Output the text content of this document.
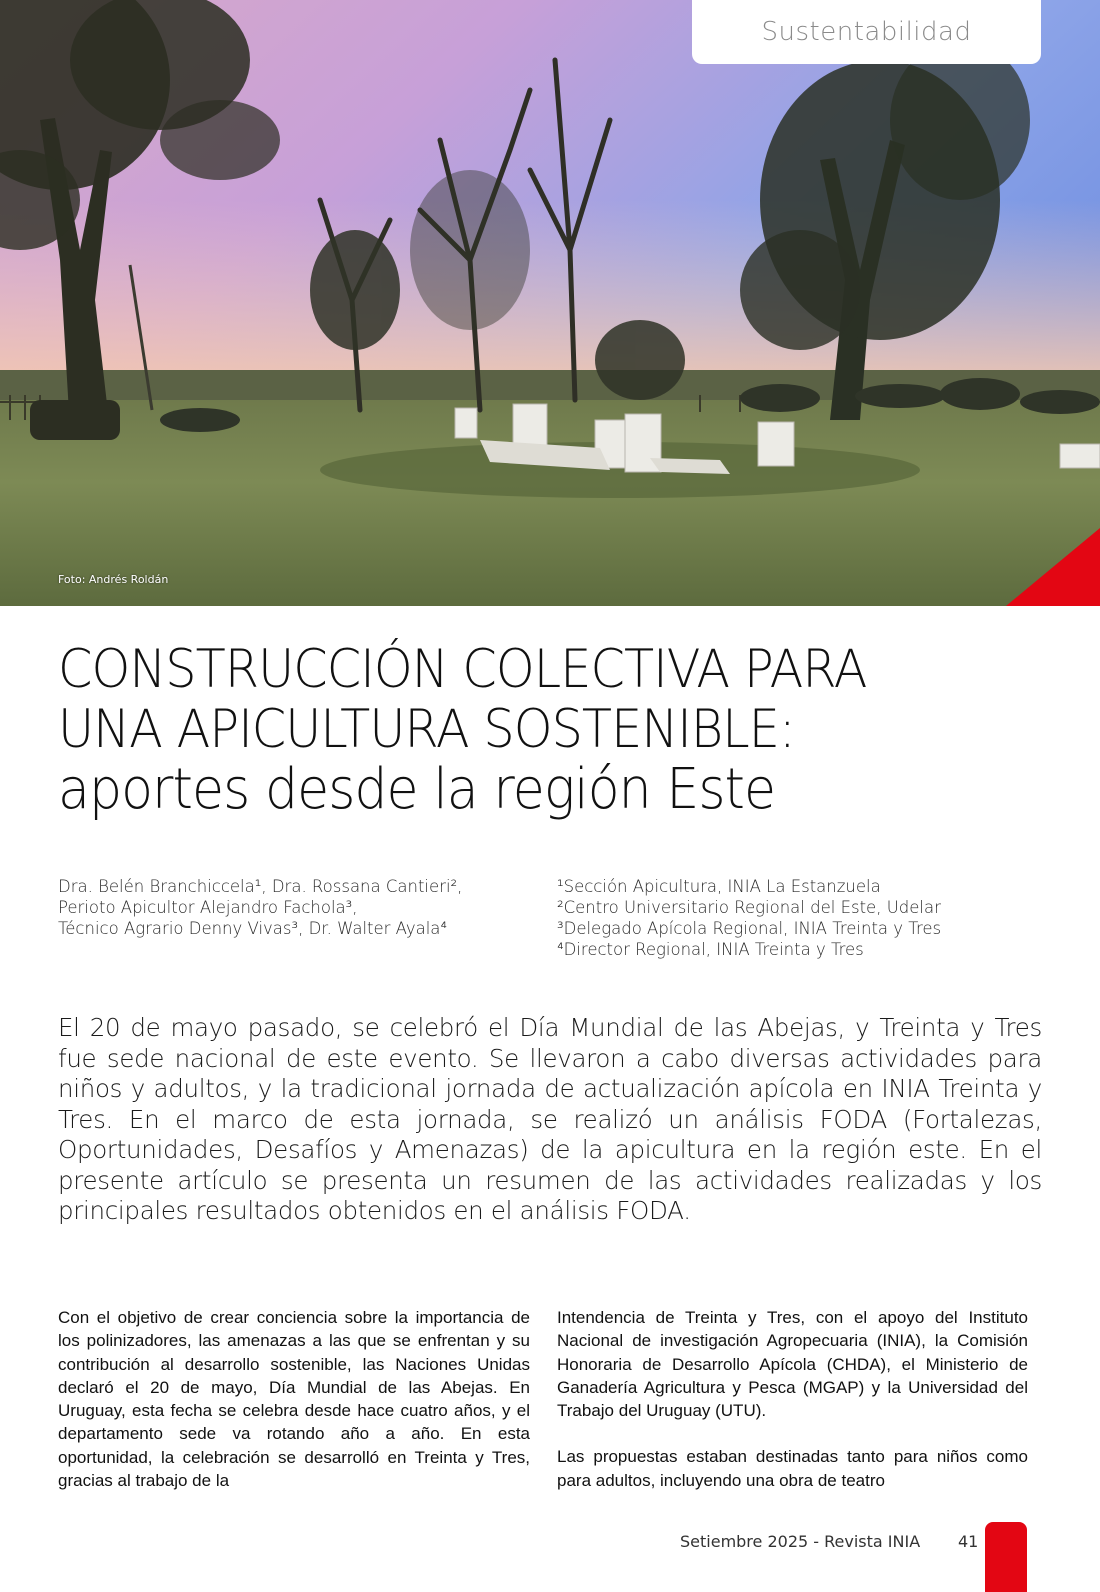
Sustentabilidad
Foto: Andrés Roldán
CONSTRUCCIÓN COLECTIVA PARA
UNA APICULTURA SOSTENIBLE:
aportes desde la región Este
Dra. Belén Branchiccela¹, Dra. Rossana Cantieri²,
Perioto Apicultor Alejandro Fachola³,
Técnico Agrario Denny Vivas³, Dr. Walter Ayala⁴
¹Sección Apicultura, INIA La Estanzuela
²Centro Universitario Regional del Este, Udelar
³Delegado Apícola Regional, INIA Treinta y Tres
⁴Director Regional, INIA Treinta y Tres

El 20 de mayo pasado, se celebró el Día Mundial de las Abejas, y Treinta y Tres fue sede nacional de este evento. Se llevaron a cabo diversas actividades para niños y adultos, y la tradicional jornada de actualización apícola en INIA Treinta y Tres. En el marco de esta jornada, se realizó un análisis FODA (Fortalezas, Oportunidades, Desafíos y Amenazas) de la apicultura en la región este. En el presente artículo se presenta un resumen de las actividades realizadas y los principales resultados obtenidos en el análisis FODA.

Con el objetivo de crear conciencia sobre la importancia de los polinizadores, las amenazas a las que se enfrentan y su contribución al desarrollo sostenible, las Naciones Unidas declaró el 20 de mayo, Día Mundial de las Abejas. En Uruguay, esta fecha se celebra desde hace cuatro años, y el departamento sede va rotando año a año. En esta oportunidad, la celebración se desarrolló en Treinta y Tres, gracias al trabajo de la

Intendencia de Treinta y Tres, con el apoyo del Instituto Nacional de investigación Agropecuaria (INIA), la Comisión Honoraria de Desarrollo Apícola (CHDA), el Ministerio de Ganadería Agricultura y Pesca (MGAP) y la Universidad del Trabajo del Uruguay (UTU).

Las propuestas estaban destinadas tanto para niños como para adultos, incluyendo una obra de teatro

Setiembre 2025 - Revista INIA 41
